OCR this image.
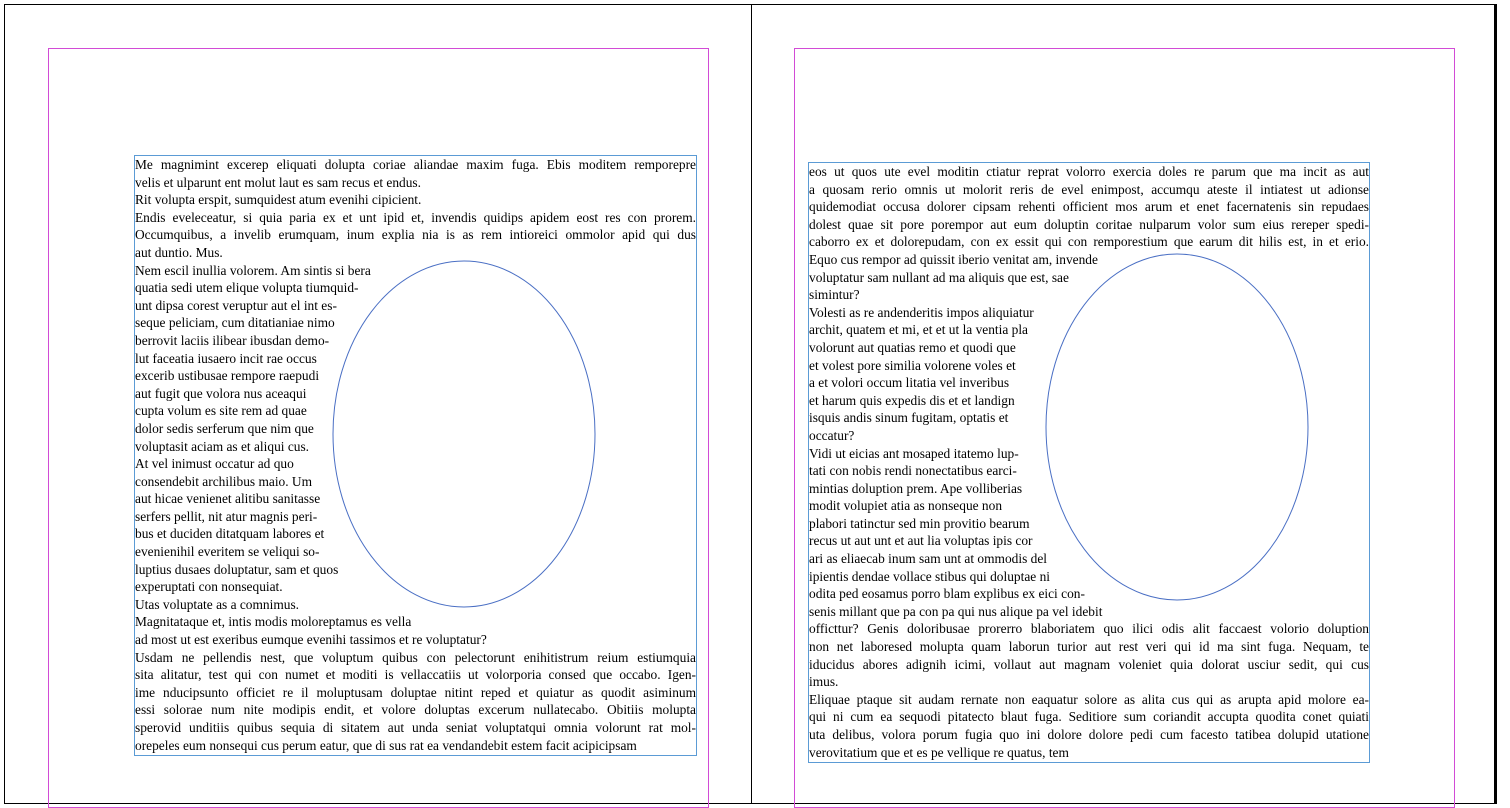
Me magnimint excerep eliquati dolupta coriae aliandae maxim fuga. Ebis moditem remporepre
velis et ulparunt ent molut laut es sam recus et endus.
Rit volupta erspit, sumquidest atum evenihi cipicient.
Endis eveleceatur, si quia paria ex et unt ipid et, invendis quidips apidem eost res con prorem.
Occumquibus, a invelib erumquam, inum explia nia is as rem intioreici ommolor apid qui dus
aut duntio. Mus.
Nem escil inullia volorem. Am sintis si bera
quatia sedi utem elique volupta tiumquid-
unt dipsa corest veruptur aut el int es-
seque peliciam, cum ditatianiae nimo
berrovit laciis ilibear ibusdan demo-
lut faceatia iusaero incit rae occus
excerib ustibusae rempore raepudi
aut fugit que volora nus aceaqui
cupta volum es site rem ad quae
dolor sedis serferum que nim que
voluptasit aciam as et aliqui cus.
At vel inimust occatur ad quo
consendebit archilibus maio. Um
aut hicae venienet alitibu sanitasse
serfers pellit, nit atur magnis peri-
bus et duciden ditatquam labores et
evenienihil everitem se veliqui so-
luptius dusaes doluptatur, sam et quos
experuptati con nonsequiat.
Utas voluptate as a comnimus.
Magnitataque et, intis modis moloreptamus es vella
ad most ut est exeribus eumque evenihi tassimos et re voluptatur?
Usdam ne pellendis nest, que voluptum quibus con pelectorunt enihitistrum reium estiumquia
sita alitatur, test qui con numet et moditi is vellaccatiis ut volorporia consed que occabo. Igen-
ime nducipsunto officiet re il moluptusam doluptae nitint reped et quiatur as quodit asiminum
essi solorae num nite modipis endit, et volore doluptas excerum nullatecabo. Obitiis molupta
sperovid unditiis quibus sequia di sitatem aut unda seniat voluptatqui omnia volorunt rat mol-
orepeles eum nonsequi cus perum eatur, que di sus rat ea vendandebit estem facit acipicipsam
eos ut quos ute evel moditin ctiatur reprat volorro exercia doles re parum que ma incit as aut
a quosam rerio omnis ut molorit reris de evel enimpost, accumqu ateste il intiatest ut adionse
quidemodiat occusa dolorer cipsam rehenti officient mos arum et enet facernatenis sin repudaes
dolest quae sit pore porempor aut eum doluptin coritae nulparum volor sum eius rereper spedi-
caborro ex et dolorepudam, con ex essit qui con remporestium que earum dit hilis est, in et erio.
Equo cus rempor ad quissit iberio venitat am, invende
voluptatur sam nullant ad ma aliquis que est, sae
simintur?
Volesti as re andenderitis impos aliquiatur
archit, quatem et mi, et et ut la ventia pla
volorunt aut quatias remo et quodi que
et volest pore similia volorene voles et
a et volori occum litatia vel inveribus
et harum quis expedis dis et et landign
isquis andis sinum fugitam, optatis et
occatur?
Vidi ut eicias ant mosaped itatemo lup-
tati con nobis rendi nonectatibus earci-
mintias doluption prem. Ape volliberias
modit volupiet atia as nonseque non
plabori tatinctur sed min provitio bearum
recus ut aut unt et aut lia voluptas ipis cor
ari as eliaecab inum sam unt at ommodis del
ipientis dendae vollace stibus qui doluptae ni
odita ped eosamus porro blam explibus ex eici con-
senis millant que pa con pa qui nus alique pa vel idebit
officttur? Genis doloribusae prorerro blaboriatem quo ilici odis alit faccaest volorio doluption
non net laboresed molupta quam laborun turior aut rest veri qui id ma sint fuga. Nequam, te
iducidus abores adignih icimi, vollaut aut magnam voleniet quia dolorat usciur sedit, qui cus
imus.
Eliquae ptaque sit audam rernate non eaquatur solore as alita cus qui as arupta apid molore ea-
qui ni cum ea sequodi pitatecto blaut fuga. Seditiore sum coriandit accupta quodita conet quiati
uta delibus, volora porum fugia quo ini dolore dolore pedi cum facesto tatibea dolupid utatione
verovitatium que et es pe vellique re quatus, tem
